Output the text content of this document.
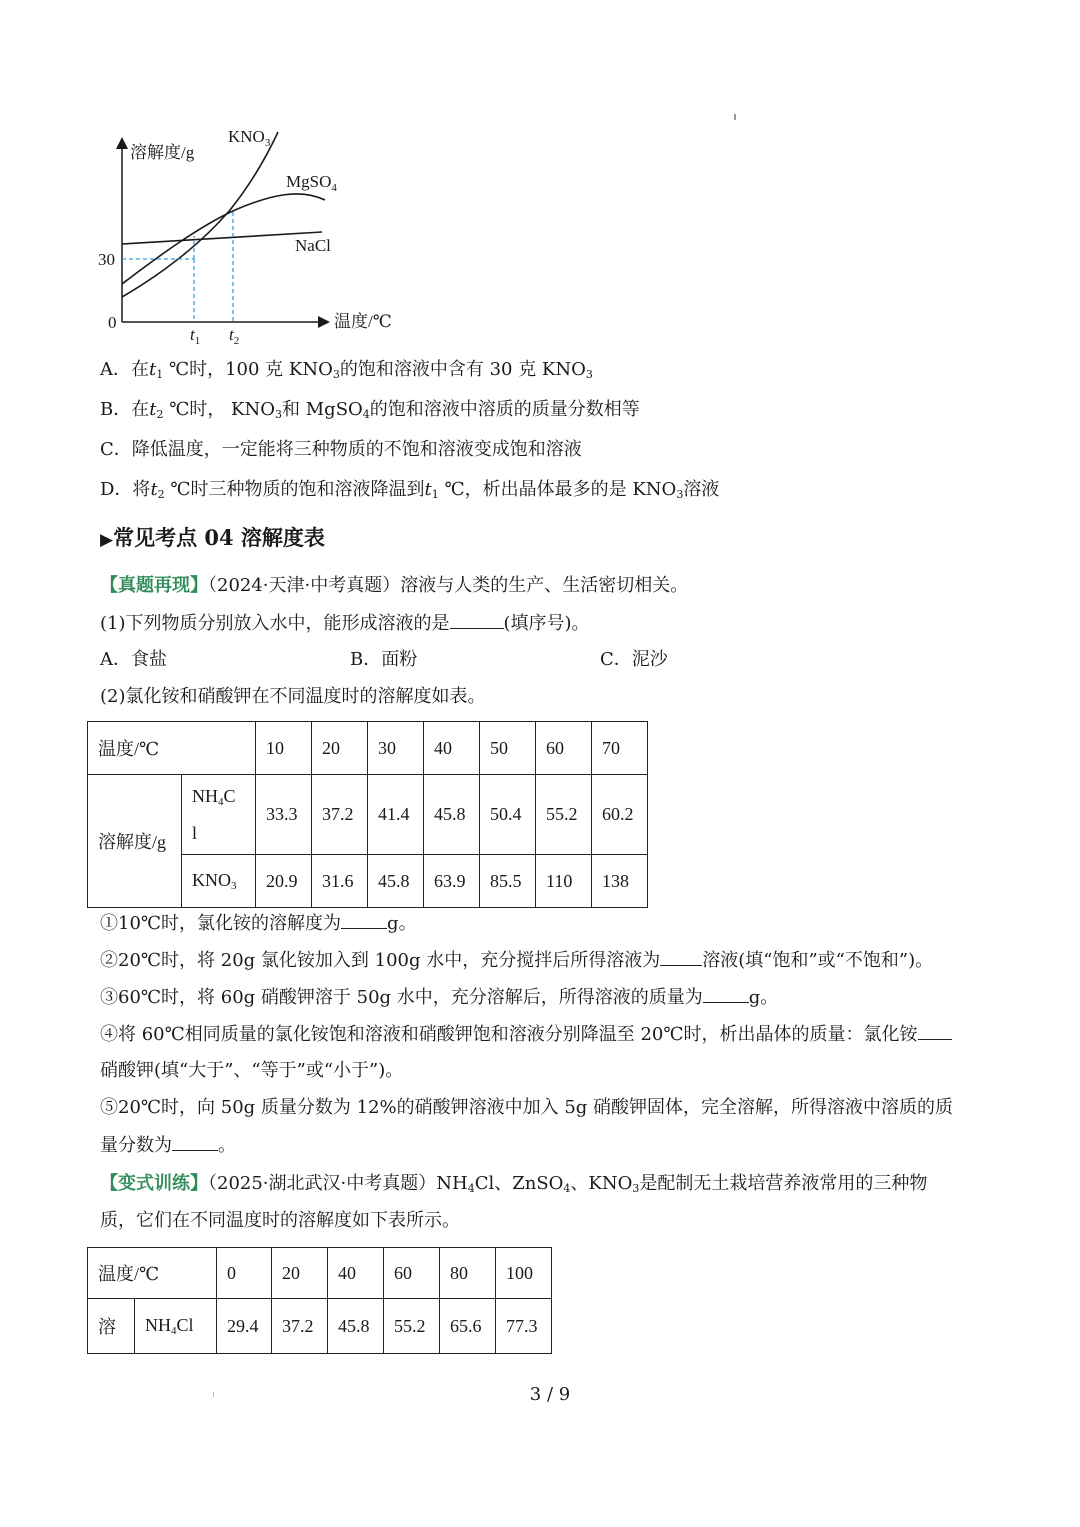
溶解度/g
温度/℃
0
30
$t_1$ $t_2$
$KNO_3$
MgSO$_4$
NaCl
A．在$t_1$ ℃时，100 克 $KNO_3$的饱和溶液中含有 30 克 $KNO_3$
B．在$t_2$ ℃时， $KNO_3$和 MgSO$_4$的饱和溶液中溶质的质量分数相等
C．降低温度，一定能将三种物质的不饱和溶液变成饱和溶液
D．将$t_2$ ℃时三种物质的饱和溶液降温到$t_1$ ℃，析出晶体最多的是 $KNO_3$溶液
▶常见考点 04 溶解度表
【真题再现】（2024·天津·中考真题）溶液与人类的生产、生活密切相关。
(1)下列物质分别放入水中，能形成溶液的是	(填序号)。
A．食盐	B．面粉	C．泥沙
(2)氯化铵和硝酸钾在不同温度时的溶解度如表。
温度/℃		10	20	30	40	50	60	70
溶解度/g	$NH_4C$
l	33.3	37.2	41.4	45.8	50.4	55.2	60.2
	$KNO_3$	20.9	31.6	45.8	63.9	85.5	110	138
①10℃时，氯化铵的溶解度为	g。
②20℃时，将 20g 氯化铵加入到 100g 水中，充分搅拌后所得溶液为 溶液(填“饱和”或“不饱和”)。
③60℃时，将 60g 硝酸钾溶于 50g 水中，充分溶解后，所得溶液的质量为	g。
④将 60℃相同质量的氯化铵饱和溶液和硝酸钾饱和溶液分别降温至 20℃时，析出晶体的质量：氯化铵
硝酸钾(填“大于”、“等于”或“小于”)。
⑤20℃时，向 50g 质量分数为 12%的硝酸钾溶液中加入 5g 硝酸钾固体，完全溶解，所得溶液中溶质的质
量分数为	。
【变式训练】（2025·湖北武汉·中考真题）$NH_4Cl$、ZnSO$_4$、$KNO_3$是配制无土栽培营养液常用的三种物
质，它们在不同温度时的溶解度如下表所示。
温度/℃		0	20	40	60	80	100
溶	$NH_4Cl$	29.4	37.2	45.8	55.2	65.6	77.3
3 / 9
